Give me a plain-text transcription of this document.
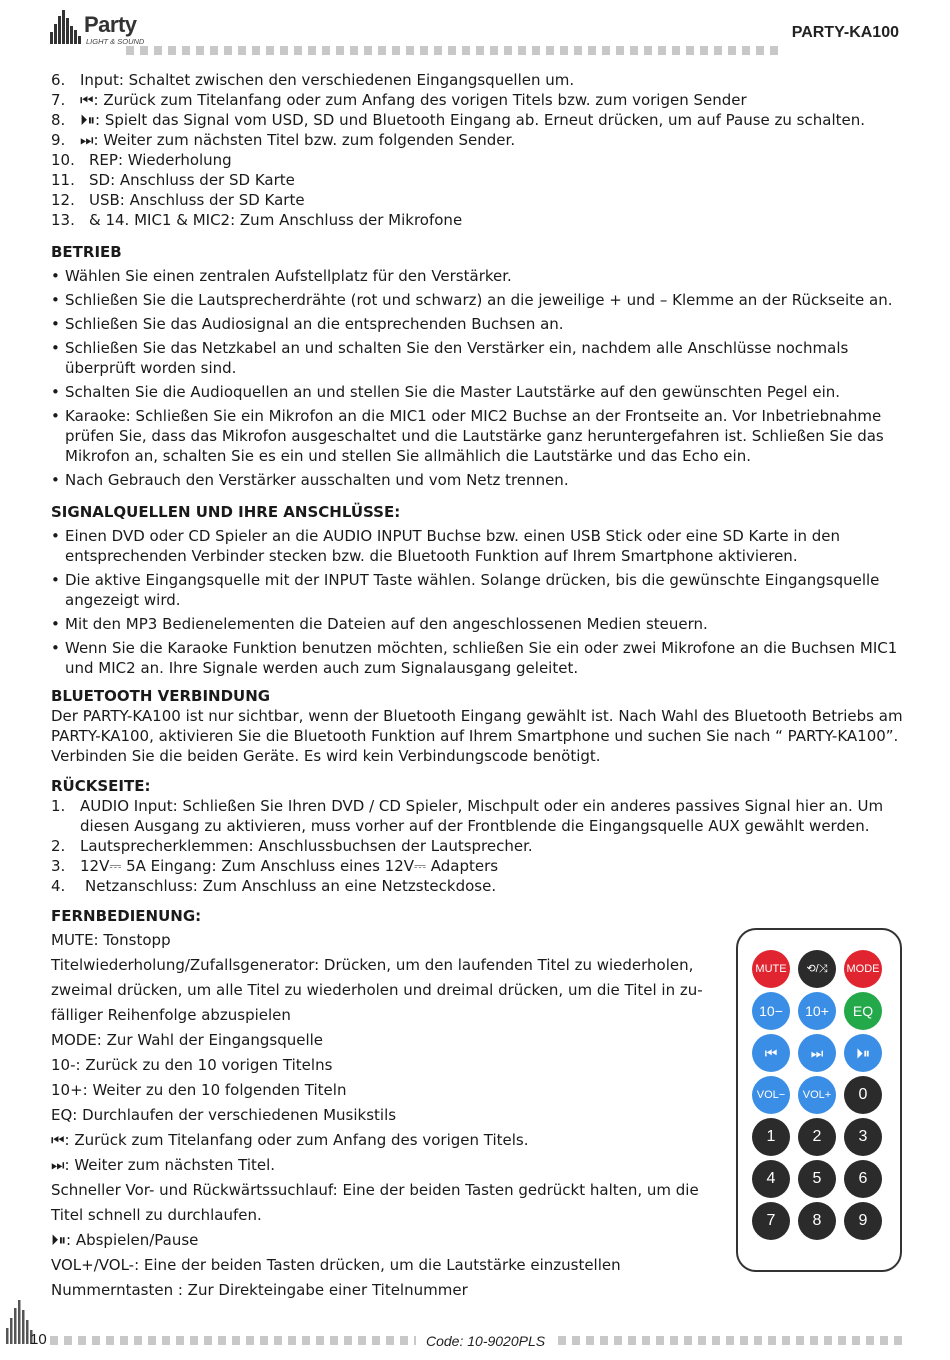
Party
LIGHT & SOUND
PARTY-KA100
6. Input: Schaltet zwischen den verschiedenen Eingangsquellen um.
7. ⏮: Zurück zum Titelanfang oder zum Anfang des vorigen Titels bzw. zum vorigen Sender
8. ⏵⏸: Spielt das Signal vom USD, SD und Bluetooth Eingang ab. Erneut drücken, um auf Pause zu schalten.
9. ⏭: Weiter zum nächsten Titel bzw. zum folgenden Sender.
10. REP: Wiederholung
11. SD: Anschluss der SD Karte
12. USB: Anschluss der SD Karte
13. & 14. MIC1 & MIC2: Zum Anschluss der Mikrofone
BETRIEB
• Wählen Sie einen zentralen Aufstellplatz für den Verstärker.
• Schließen Sie die Lautsprecherdrähte (rot und schwarz) an die jeweilige + und – Klemme an der Rückseite an.
• Schließen Sie das Audiosignal an die entsprechenden Buchsen an.
• Schließen Sie das Netzkabel an und schalten Sie den Verstärker ein, nachdem alle Anschlüsse nochmals überprüft worden sind.
• Schalten Sie die Audioquellen an und stellen Sie die Master Lautstärke auf den gewünschten Pegel ein.
• Karaoke: Schließen Sie ein Mikrofon an die MIC1 oder MIC2 Buchse an der Frontseite an. Vor Inbetriebnahme prüfen Sie, dass das Mikrofon ausgeschaltet und die Lautstärke ganz heruntergefahren ist. Schließen Sie das Mikrofon an, schalten Sie es ein und stellen Sie allmählich die Lautstärke und das Echo ein.
• Nach Gebrauch den Verstärker ausschalten und vom Netz trennen.
SIGNALQUELLEN UND IHRE ANSCHLÜSSE:
• Einen DVD oder CD Spieler an die AUDIO INPUT Buchse bzw. einen USB Stick oder eine SD Karte in den entsprechenden Verbinder stecken bzw. die Bluetooth Funktion auf Ihrem Smartphone aktivieren.
• Die aktive Eingangsquelle mit der INPUT Taste wählen. Solange drücken, bis die gewünschte Eingangsquelle angezeigt wird.
• Mit den MP3 Bedienelementen die Dateien auf den angeschlossenen Medien steuern.
• Wenn Sie die Karaoke Funktion benutzen möchten, schließen Sie ein oder zwei Mikrofone an die Buchsen MIC1 und MIC2 an. Ihre Signale werden auch zum Signalausgang geleitet.
BLUETOOTH VERBINDUNG

Der PARTY-KA100 ist nur sichtbar, wenn der Bluetooth Eingang gewählt ist. Nach Wahl des Bluetooth Betriebs am PARTY-KA100, aktivieren Sie die Bluetooth Funktion auf Ihrem Smartphone und suchen Sie nach “ PARTY-KA100”. Verbinden Sie die beiden Geräte. Es wird kein Verbindungscode benötigt.

RÜCKSEITE:
1. AUDIO Input: Schließen Sie Ihren DVD / CD Spieler, Mischpult oder ein anderes passives Signal hier an. Um diesen Ausgang zu aktivieren, muss vorher auf der Frontblende die Eingangsquelle AUX gewählt werden.
2. Lautsprecherklemmen: Anschlussbuchsen der Lautsprecher.
3. 12V⎓ 5A Eingang: Zum Anschluss eines 12V⎓ Adapters
4.	Netzanschluss: Zum Anschluss an eine Netzsteckdose.
FERNBEDIENUNG:
MUTE: Tonstopp
Titelwiederholung/Zufallsgenerator: Drücken, um den laufenden Titel zu wiederholen,
zweimal drücken, um alle Titel zu wiederholen und dreimal drücken, um die Titel in zu-
fälliger Reihenfolge abzuspielen
MODE: Zur Wahl der Eingangsquelle
10-: Zurück zu den 10 vorigen Titelns
10+: Weiter zu den 10 folgenden Titeln
EQ: Durchlaufen der verschiedenen Musikstils
⏮: Zurück zum Titelanfang oder zum Anfang des vorigen Titels.
⏭: Weiter zum nächsten Titel.
Schneller Vor- und Rückwärtssuchlauf: Eine der beiden Tasten gedrückt halten, um die
Titel schnell zu durchlaufen.
⏵⏸: Abspielen/Pause
VOL+/VOL-: Eine der beiden Tasten drücken, um die Lautstärke einzustellen
Nummerntasten : Zur Direkteingabe einer Titelnummer
MUTE	⟲/⤨	MODE
10−	10+	EQ
⏮	⏭	⏵⏸
VOL−	VOL+	0
1	2	3
4	5	6
7	8	9
10	Code: 10-9020PLS
